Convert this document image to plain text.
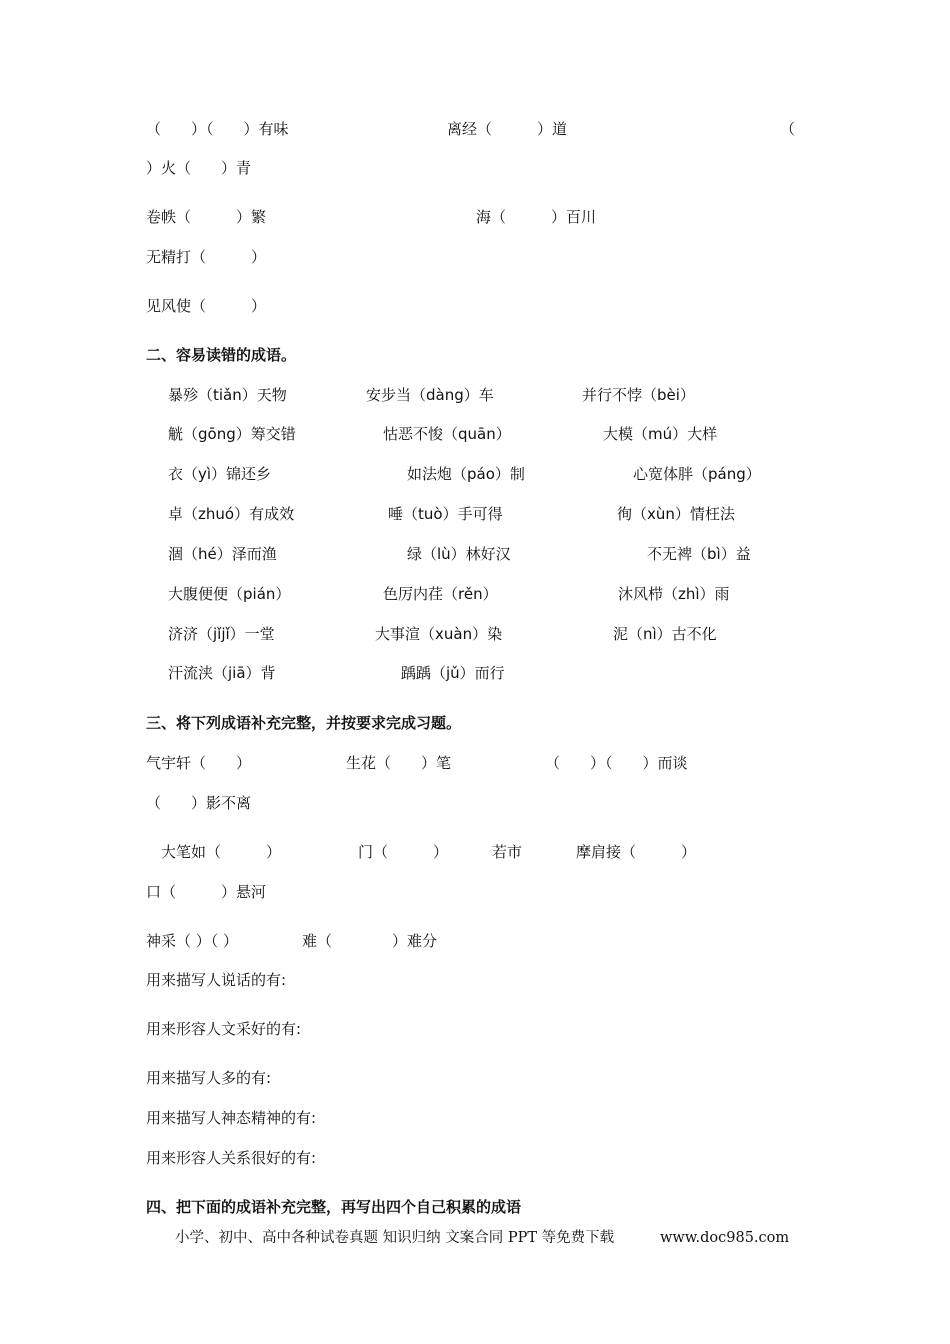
（　　）（　　）有味	离经（　　　）道	（
）火（　　）青
卷帙（　　　）繁	海（　　　）百川
无精打（　　　）
见风使（　　　）
二、容易读错的成语。
暴殄（tiǎn）天物	安步当（dàng）车	并行不悖（bèi）
觥（gōng）筹交错	怙恶不悛（quān）	大模（mú）大样
衣（yì）锦还乡	如法炮（páo）制	心宽体胖（páng）
卓（zhuó）有成效	唾（tuò）手可得	徇（xùn）情枉法
涸（hé）泽而渔	绿（lù）林好汉	不无裨（bì）益
大腹便便（pián）	色厉内荏（rěn）	沐风栉（zhì）雨
济济（jǐjǐ）一堂	大事渲（xuàn）染	泥（nì）古不化
汗流浃（jiā）背	踽踽（jǔ）而行
三、将下列成语补充完整，并按要求完成习题。
气宇轩（　　）	生花（　　）笔	（　　）（　　）而谈
（　　）影不离
大笔如（　　　）	门（　　　）	若市	摩肩接（　　　）
口（　　　）悬河
神采（ ）（ ）	难（　　　　）难分
用来描写人说话的有:
用来形容人文采好的有:
用来描写人多的有:
用来描写人神态精神的有:
用来形容人关系很好的有:
四、把下面的成语补充完整，再写出四个自己积累的成语
小学、初中、高中各种试卷真题 知识归纳 文案合同 PPT 等免费下载	www.doc985.com
